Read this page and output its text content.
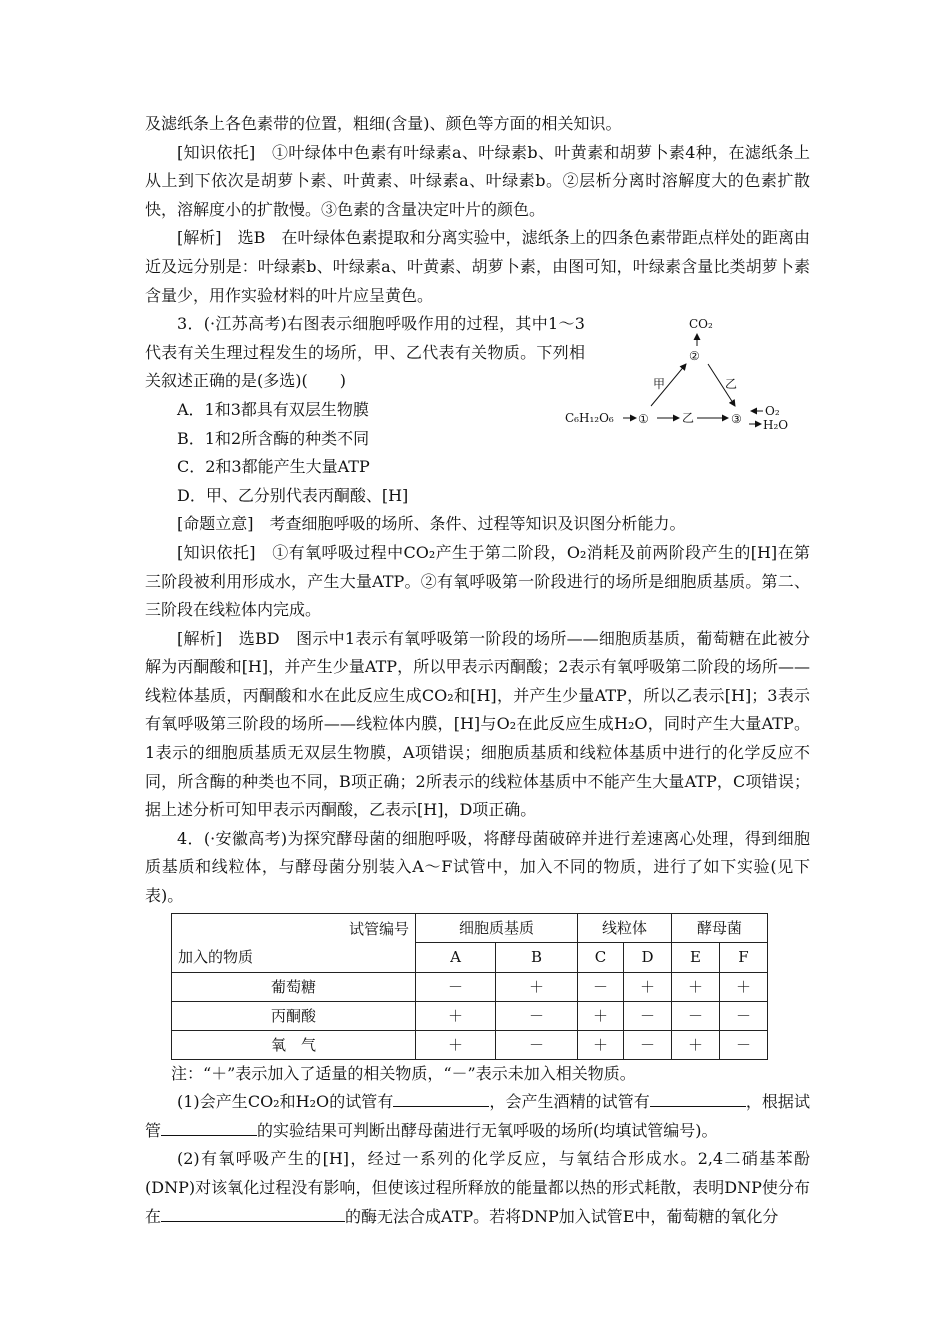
及滤纸条上各色素带的位置，粗细(含量)、颜色等方面的相关知识。

[知识依托]　 ①叶绿体中色素有叶绿素a、叶绿素b、叶黄素和胡萝卜素4种，在滤纸条上从上到下依次是胡萝卜素、叶黄素、叶绿素a、叶绿素b。②层析分离时溶解度大的色素扩散快，溶解度小的扩散慢。③色素的含量决定叶片的颜色。

[解析]　 选B　 在叶绿体色素提取和分离实验中，滤纸条上的四条色素带距点样处的距离由近及远分别是：叶绿素b、叶绿素a、叶黄素、胡萝卜素，由图可知，叶绿素含量比类胡萝卜素含量少，用作实验材料的叶片应呈黄色。

3．(·江苏高考)右图表示细胞呼吸作用的过程，其中1～3代表有关生理过程发生的场所，甲、乙代表有关物质。下列相关叙述正确的是(多选)(　　)

A．1和3都具有双层生物膜

B．1和2所含酶的种类不同

C．2和3都能产生大量ATP

D．甲、乙分别代表丙酮酸、[H]

CO₂
②
C₆H₁₂O₆ ①	乙	③
甲	乙
O₂
H₂O

[命题立意]　 考查细胞呼吸的场所、条件、过程等知识及识图分析能力。

[知识依托]　 ①有氧呼吸过程中CO₂产生于第二阶段，O₂消耗及前两阶段产生的[H]在第三阶段被利用形成水，产生大量ATP。②有氧呼吸第一阶段进行的场所是细胞质基质。第二、三阶段在线粒体内完成。

[解析]　 选BD　 图示中1表示有氧呼吸第一阶段的场所——细胞质基质，葡萄糖在此被分解为丙酮酸和[H]，并产生少量ATP，所以甲表示丙酮酸；2表示有氧呼吸第二阶段的场所——线粒体基质，丙酮酸和水在此反应生成CO₂和[H]，并产生少量ATP，所以乙表示[H]；3表示有氧呼吸第三阶段的场所——线粒体内膜，[H]与O₂在此反应生成H₂O，同时产生大量ATP。1表示的细胞质基质无双层生物膜，A项错误；细胞质基质和线粒体基质中进行的化学反应不同，所含酶的种类也不同，B项正确；2所表示的线粒体基质中不能产生大量ATP，C项错误；据上述分析可知甲表示丙酮酸，乙表示[H]，D项正确。

4．(·安徽高考)为探究酵母菌的细胞呼吸，将酵母菌破碎并进行差速离心处理，得到细胞质基质和线粒体，与酵母菌分别装入A～F试管中，加入不同的物质，进行了如下实验(见下表)。

试管编号
加入的物质	细胞质基质		线粒体		酵母菌	
	A	B	C	D	E	F
葡萄糖	－	＋	－	＋	＋	＋
丙酮酸	＋	－	＋	－	－	－
氧　气	＋	－	＋	－	＋	－

注：“＋”表示加入了适量的相关物质，“－”表示未加入相关物质。

(1)会产生CO₂和H₂O的试管有	，会产生酒精的试管有	，根据试管	的实验结果可判断出酵母菌进行无氧呼吸的场所(均填试管编号)。

(2)有氧呼吸产生的[H]，经过一系列的化学反应，与氧结合形成水。2,4二硝基苯酚(DNP)对该氧化过程没有影响，但使该过程所释放的能量都以热的形式耗散，表明DNP使分布在	的酶无法合成ATP。若将DNP加入试管E中，葡萄糖的氧化分
